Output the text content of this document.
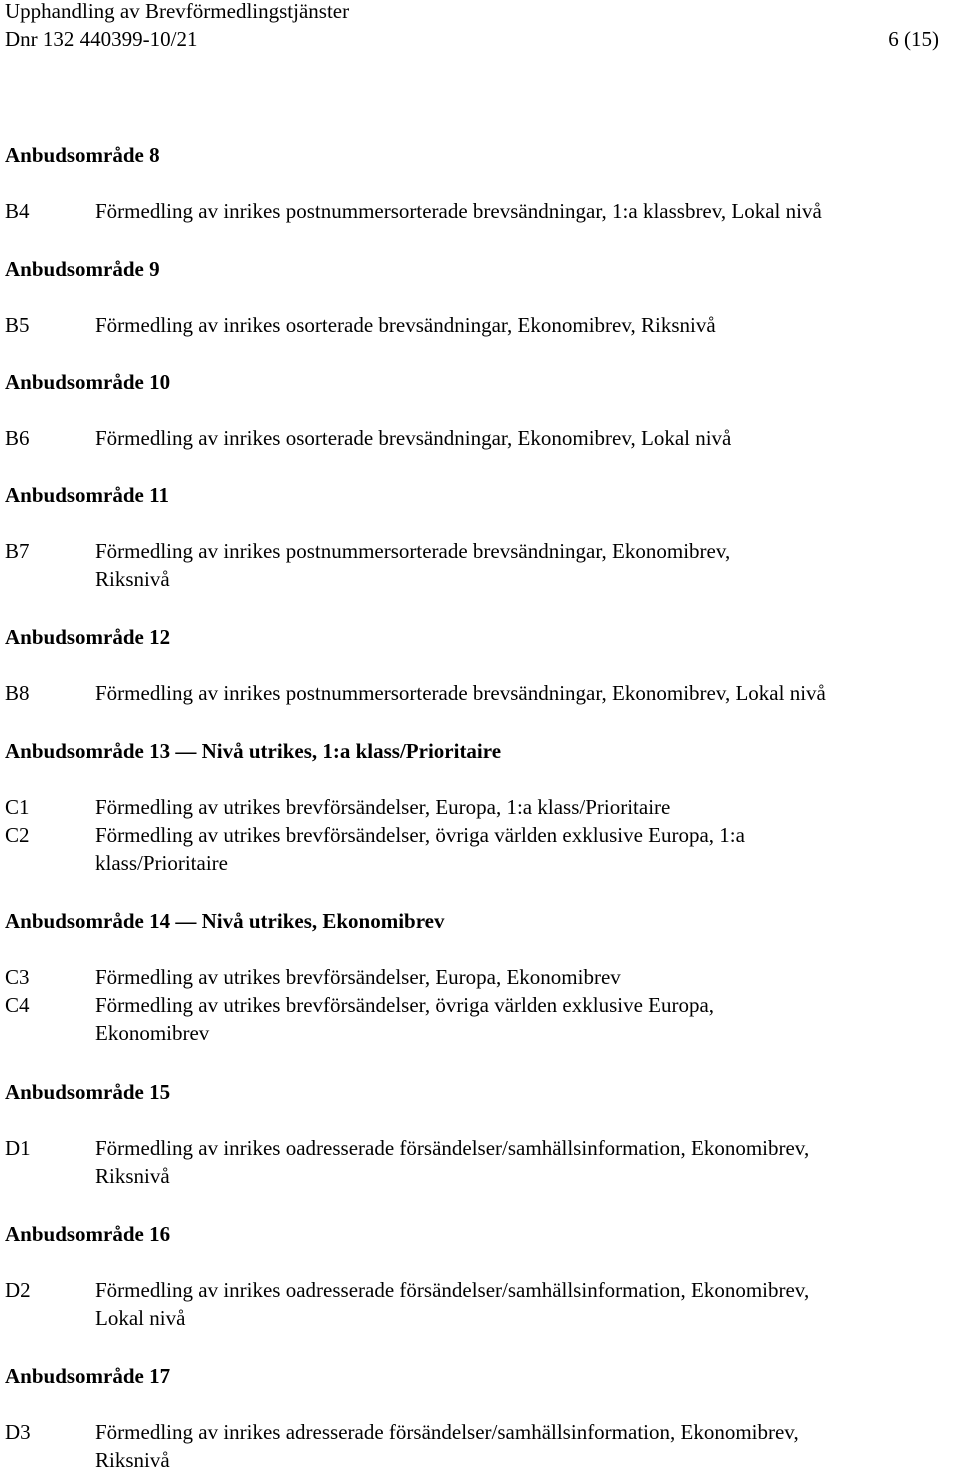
Upphandling av Brevförmedlingstjänster
Dnr 132 440399-10/21	6 (15)
Anbudsområde 8
B4	Förmedling av inrikes postnummersorterade brevsändningar, 1:a klassbrev, Lokal nivå
Anbudsområde 9
B5	Förmedling av inrikes osorterade brevsändningar, Ekonomibrev, Riksnivå
Anbudsområde 10
B6	Förmedling av inrikes osorterade brevsändningar, Ekonomibrev, Lokal nivå
Anbudsområde 11
B7	Förmedling av inrikes postnummersorterade brevsändningar, Ekonomibrev,
Riksnivå
Anbudsområde 12
B8	Förmedling av inrikes postnummersorterade brevsändningar, Ekonomibrev, Lokal nivå
Anbudsområde 13 — Nivå utrikes, 1:a klass/Prioritaire
C1	Förmedling av utrikes brevförsändelser, Europa, 1:a klass/Prioritaire
C2	Förmedling av utrikes brevförsändelser, övriga världen exklusive Europa, 1:a
klass/Prioritaire
Anbudsområde 14 — Nivå utrikes, Ekonomibrev
C3	Förmedling av utrikes brevförsändelser, Europa, Ekonomibrev
C4	Förmedling av utrikes brevförsändelser, övriga världen exklusive Europa,
Ekonomibrev
Anbudsområde 15
D1	Förmedling av inrikes oadresserade försändelser/samhällsinformation, Ekonomibrev,
Riksnivå
Anbudsområde 16
D2	Förmedling av inrikes oadresserade försändelser/samhällsinformation, Ekonomibrev,
Lokal nivå
Anbudsområde 17
D3	Förmedling av inrikes adresserade försändelser/samhällsinformation, Ekonomibrev,
Riksnivå
